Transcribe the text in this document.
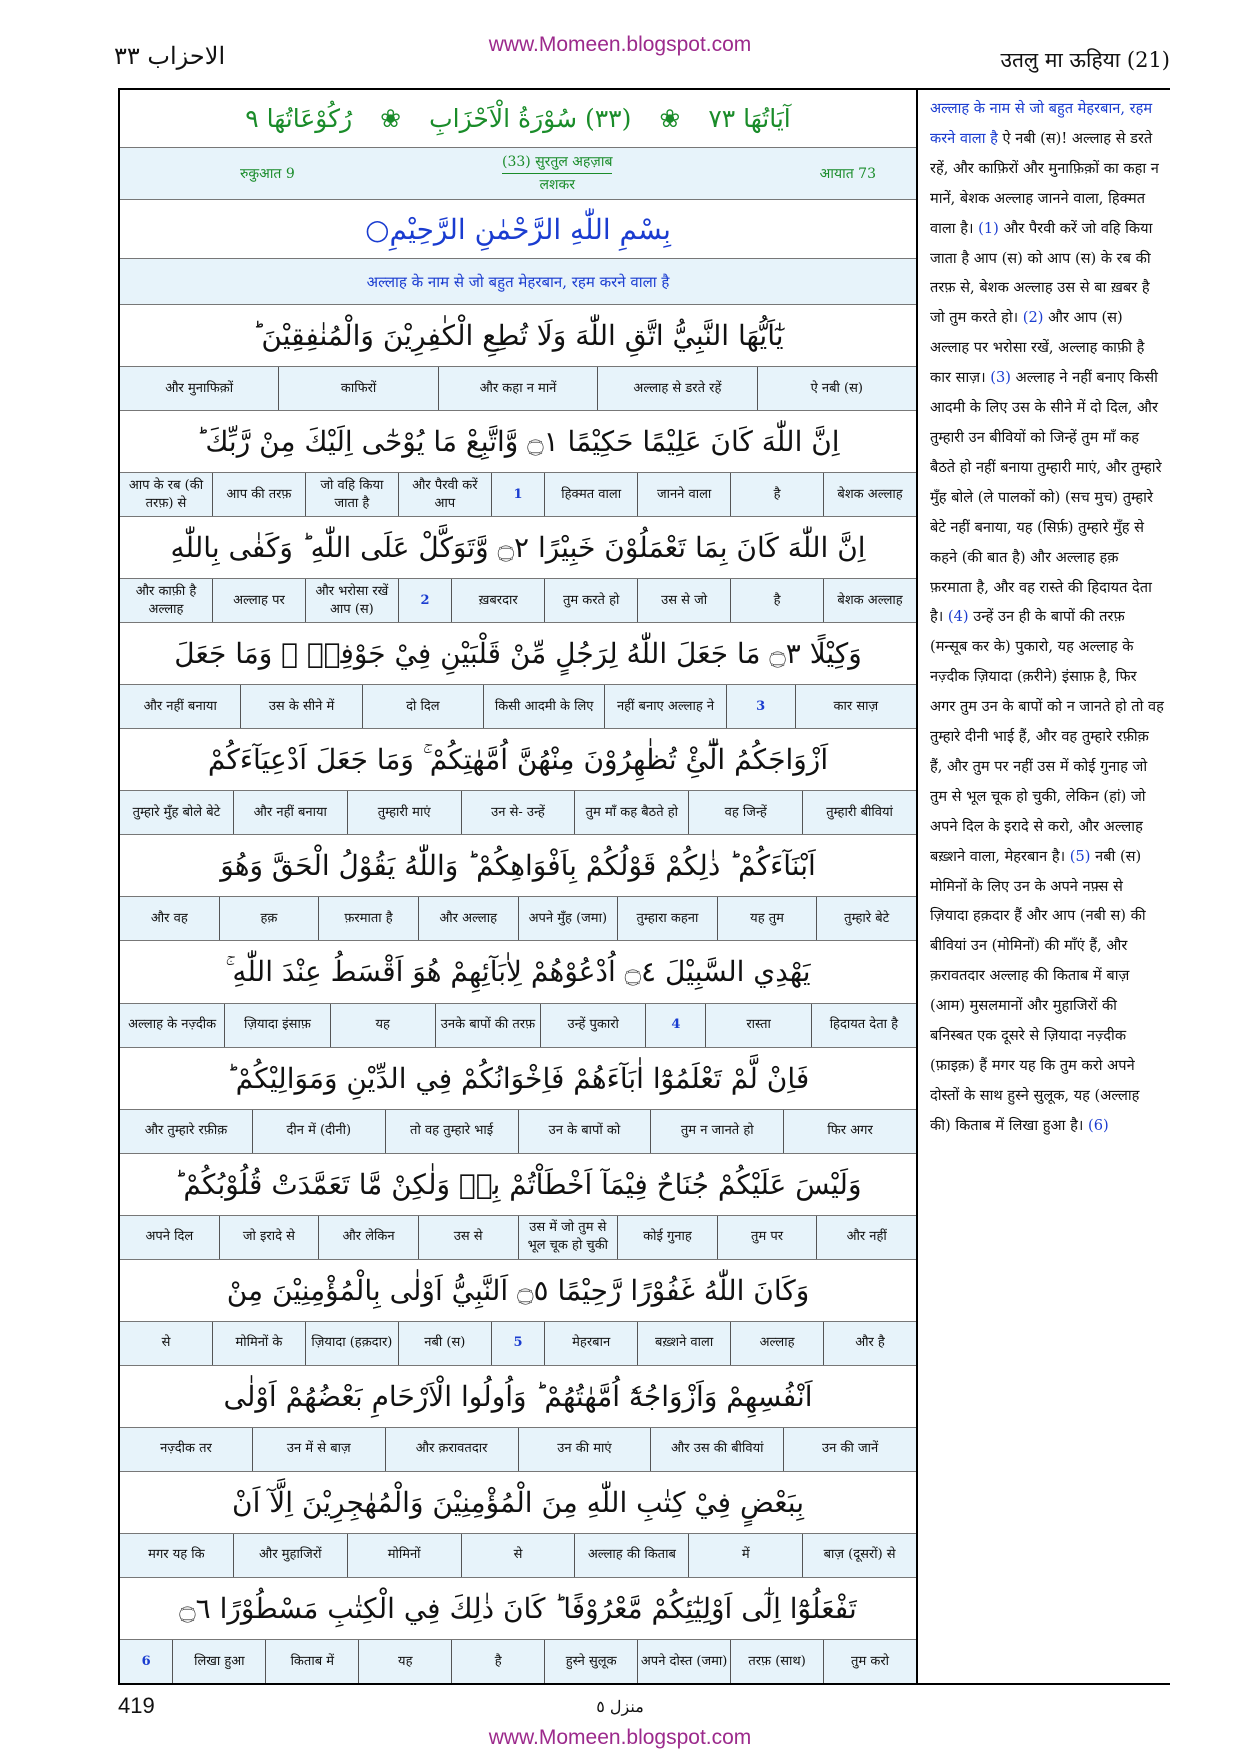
الاحزاب ٣٣	www.Momeen.blogspot.com
उतलु मा ऊहिया (21)
آيَاتُهَا ٧٣
❀
(٣٣) سُوْرَةُ الْاَحْزَابِ
❀
رُكُوْعَاتُهَا ٩
रुकुआत 9
(33) सुरतुल अहज़ाब
लशकर
आयात 73
بِسْمِ اللّٰهِ الرَّحْمٰنِ الرَّحِيْمِ○
अल्लाह के नाम से जो बहुत मेहरबान, रहम करने वाला है
يٰٓاَيُّهَا النَّبِيُّ اتَّقِ اللّٰهَ وَلَا تُطِعِ الْكٰفِرِيْنَ وَالْمُنٰفِقِيْنَ ؕ
ऐ नबी (स)
अल्लाह से डरते रहें
और कहा न मानें
काफिरों
और मुनाफिक़ों
اِنَّ اللّٰهَ كَانَ عَلِيْمًا حَكِيْمًا ۝١ وَّاتَّبِعْ مَا يُوْحٰٓى اِلَيْكَ مِنْ رَّبِّكَ ؕ
बेशक अल्लाह
है
जानने वाला
हिक्मत वाला
1
और पैरवी करें आप
जो वहि किया जाता है
आप की तरफ़
आप के रब (की तरफ़) से
اِنَّ اللّٰهَ كَانَ بِمَا تَعْمَلُوْنَ خَبِيْرًا ۝٢ وَّتَوَكَّلْ عَلَى اللّٰهِ ؕ وَكَفٰى بِاللّٰهِ
बेशक अल्लाह
है
उस से जो
तुम करते हो
ख़बरदार
2
और भरोसा रखें आप (स)
अल्लाह पर
और काफ़ी है अल्लाह
وَكِيْلًا ۝٣ مَا جَعَلَ اللّٰهُ لِرَجُلٍ مِّنْ قَلْبَيْنِ فِيْ جَوْفِهٖ ۚ وَمَا جَعَلَ
कार साज़
3
नहीं बनाए अल्लाह ने
किसी आदमी के लिए
दो दिल
उस के सीने में
और नहीं बनाया
اَزْوَاجَكُمُ الّٰٓئِْ تُظٰهِرُوْنَ مِنْهُنَّ اُمَّهٰتِكُمْ ۚ وَمَا جَعَلَ اَدْعِيَآءَكُمْ
तुम्हारी बीवियां
वह जिन्हें
तुम माँ कह बैठते हो
उन से- उन्हें
तुम्हारी माएं
और नहीं बनाया
तुम्हारे मुँह बोले बेटे
اَبْنَآءَكُمْ ؕ ذٰلِكُمْ قَوْلُكُمْ بِاَفْوَاهِكُمْ ؕ وَاللّٰهُ يَقُوْلُ الْحَقَّ وَهُوَ
तुम्हारे बेटे
यह तुम
तुम्हारा कहना
अपने मुँह (जमा)
और अल्लाह
फ़रमाता है
हक़
और वह
يَهْدِي السَّبِيْلَ ۝٤ اُدْعُوْهُمْ لِاٰبَآئِهِمْ هُوَ اَقْسَطُ عِنْدَ اللّٰهِ ۚ
हिदायत देता है
रास्ता
4
उन्हें पुकारो
उनके बापों की तरफ़
यह
ज़ियादा इंसाफ़
अल्लाह के नज़्दीक
فَاِنْ لَّمْ تَعْلَمُوْٓا اٰبَآءَهُمْ فَاِخْوَانُكُمْ فِي الدِّيْنِ وَمَوَالِيْكُمْ ؕ
फिर अगर
तुम न जानते हो
उन के बापों को
तो वह तुम्हारे भाई
दीन में (दीनी)
और तुम्हारे रफ़ीक़
وَلَيْسَ عَلَيْكُمْ جُنَاحٌ فِيْمَآ اَخْطَاْتُمْ بِهٖ وَلٰكِنْ مَّا تَعَمَّدَتْ قُلُوْبُكُمْ ؕ
और नहीं
तुम पर
कोई गुनाह
उस में जो तुम से भूल चूक हो चुकी
उस से
और लेकिन
जो इरादे से
अपने दिल
وَكَانَ اللّٰهُ غَفُوْرًا رَّحِيْمًا ۝٥ اَلنَّبِيُّ اَوْلٰى بِالْمُؤْمِنِيْنَ مِنْ
और है
अल्लाह
बख़्शने वाला
मेहरबान
5
नबी (स)
ज़ियादा (हक़दार)
मोमिनों के
से
اَنْفُسِهِمْ وَاَزْوَاجُهٗٓ اُمَّهٰتُهُمْ ؕ وَاُولُوا الْاَرْحَامِ بَعْضُهُمْ اَوْلٰى
उन की जानें
और उस की बीवियां
उन की माएं
और क़रावतदार
उन में से बाज़
नज़्दीक तर
بِبَعْضٍ فِيْ كِتٰبِ اللّٰهِ مِنَ الْمُؤْمِنِيْنَ وَالْمُهٰجِرِيْنَ اِلَّآ اَنْ
बाज़ (दूसरों) से
में
अल्लाह की किताब
से
मोमिनों
और मुहाजिरों
मगर यह कि
تَفْعَلُوْٓا اِلٰٓى اَوْلِيٰٓئِكُمْ مَّعْرُوْفًا ؕ كَانَ ذٰلِكَ فِي الْكِتٰبِ مَسْطُوْرًا ۝٦
तुम करो
तरफ़ (साथ)
अपने दोस्त (जमा)
हुस्ने सुलूक
है
यह
किताब में
लिखा हुआ
6
अल्लाह के नाम से जो बहुत मेहरबान, रहम करने वाला है ऐ नबी (स)! अल्लाह से डरते रहें, और काफ़िरों और मुनाफ़िक़ों का कहा न मानें, बेशक अल्लाह जानने वाला, हिक्मत वाला है। (1) और पैरवी करें जो वहि किया जाता है आप (स) को आप (स) के रब की तरफ़ से, बेशक अल्लाह उस से बा ख़बर है जो तुम करते हो। (2) और आप (स) अल्लाह पर भरोसा रखें, अल्लाह काफ़ी है कार साज़। (3) अल्लाह ने नहीं बनाए किसी आदमी के लिए उस के सीने में दो दिल, और तुम्हारी उन बीवियों को जिन्हें तुम माँ कह बैठते हो नहीं बनाया तुम्हारी माएं, और तुम्हारे मुँह बोले (ले पालकों को) (सच मुच) तुम्हारे बेटे नहीं बनाया, यह (सिर्फ़) तुम्हारे मुँह से कहने (की बात है) और अल्लाह हक़ फ़रमाता है, और वह रास्ते की हिदायत देता है। (4) उन्हें उन ही के बापों की तरफ़ (मन्सूब कर के) पुकारो, यह अल्लाह के नज़्दीक ज़ियादा (क़रीने) इंसाफ़ है, फिर अगर तुम उन के बापों को न जानते हो तो वह तुम्हारे दीनी भाई हैं, और वह तुम्हारे रफ़ीक़ हैं, और तुम पर नहीं उस में कोई गुनाह जो तुम से भूल चूक हो चुकी, लेकिन (हां) जो अपने दिल के इरादे से करो, और अल्लाह बख़्शने वाला, मेहरबान है। (5) नबी (स) मोमिनों के लिए उन के अपने नफ़्स से ज़ियादा हक़दार हैं और आप (नबी स) की बीवियां उन (मोमिनों) की माँएं हैं, और क़रावतदार अल्लाह की किताब में बाज़ (आम) मुसलमानों और मुहाजिरों की बनिस्बत एक दूसरे से ज़ियादा नज़्दीक (फ़ाइक़) हैं मगर यह कि तुम करो अपने दोस्तों के साथ हुस्ने सुलूक, यह (अल्लाह की) किताब में लिखा हुआ है। (6)
419	منزل ٥
www.Momeen.blogspot.com
